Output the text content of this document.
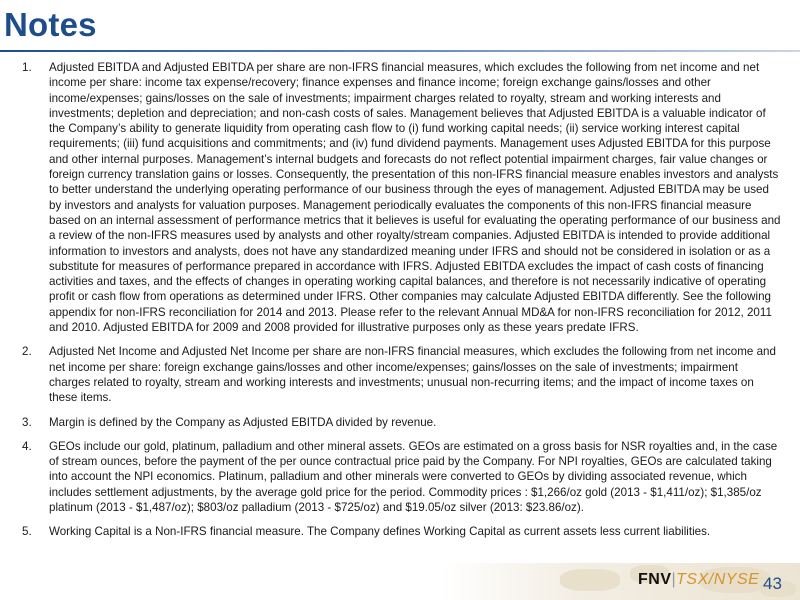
Notes
1. Adjusted EBITDA and Adjusted EBITDA per share are non-IFRS financial measures, which excludes the following from net income and net income per share: income tax expense/recovery; finance expenses and finance income; foreign exchange gains/losses and other income/expenses; gains/losses on the sale of investments; impairment charges related to royalty, stream and working interests and investments; depletion and depreciation; and non-cash costs of sales. Management believes that Adjusted EBITDA is a valuable indicator of the Company’s ability to generate liquidity from operating cash flow to (i) fund working capital needs; (ii) service working interest capital requirements; (iii) fund acquisitions and commitments; and (iv) fund dividend payments. Management uses Adjusted EBITDA for this purpose and other internal purposes. Management’s internal budgets and forecasts do not reflect potential impairment charges, fair value changes or foreign currency translation gains or losses. Consequently, the presentation of this non-IFRS financial measure enables investors and analysts to better understand the underlying operating performance of our business through the eyes of management. Adjusted EBITDA may be used by investors and analysts for valuation purposes. Management periodically evaluates the components of this non-IFRS financial measure based on an internal assessment of performance metrics that it believes is useful for evaluating the operating performance of our business and a review of the non-IFRS measures used by analysts and other royalty/stream companies. Adjusted EBITDA is intended to provide additional information to investors and analysts, does not have any standardized meaning under IFRS and should not be considered in isolation or as a substitute for measures of performance prepared in accordance with IFRS. Adjusted EBITDA excludes the impact of cash costs of financing activities and taxes, and the effects of changes in operating working capital balances, and therefore is not necessarily indicative of operating profit or cash flow from operations as determined under IFRS. Other companies may calculate Adjusted EBITDA differently. See the following appendix for non-IFRS reconciliation for 2014 and 2013. Please refer to the relevant Annual MD&A for non-IFRS reconciliation for 2012, 2011 and 2010. Adjusted EBITDA for 2009 and 2008 provided for illustrative purposes only as these years predate IFRS.
2. Adjusted Net Income and Adjusted Net Income per share are non-IFRS financial measures, which excludes the following from net income and net income per share: foreign exchange gains/losses and other income/expenses; gains/losses on the sale of investments; impairment charges related to royalty, stream and working interests and investments; unusual non-recurring items; and the impact of income taxes on these items.
3. Margin is defined by the Company as Adjusted EBITDA divided by revenue.
4. GEOs include our gold, platinum, palladium and other mineral assets. GEOs are estimated on a gross basis for NSR royalties and, in the case of stream ounces, before the payment of the per ounce contractual price paid by the Company. For NPI royalties, GEOs are calculated taking into account the NPI economics. Platinum, palladium and other minerals were converted to GEOs by dividing associated revenue, which includes settlement adjustments, by the average gold price for the period. Commodity prices : $1,266/oz gold (2013 - $1,411/oz); $1,385/oz platinum (2013 - $1,487/oz); $803/oz palladium (2013 - $725/oz) and $19.05/oz silver (2013: $23.86/oz).
5. Working Capital is a Non-IFRS financial measure. The Company defines Working Capital as current assets less current liabilities.
FNV|TSX/NYSE 43
